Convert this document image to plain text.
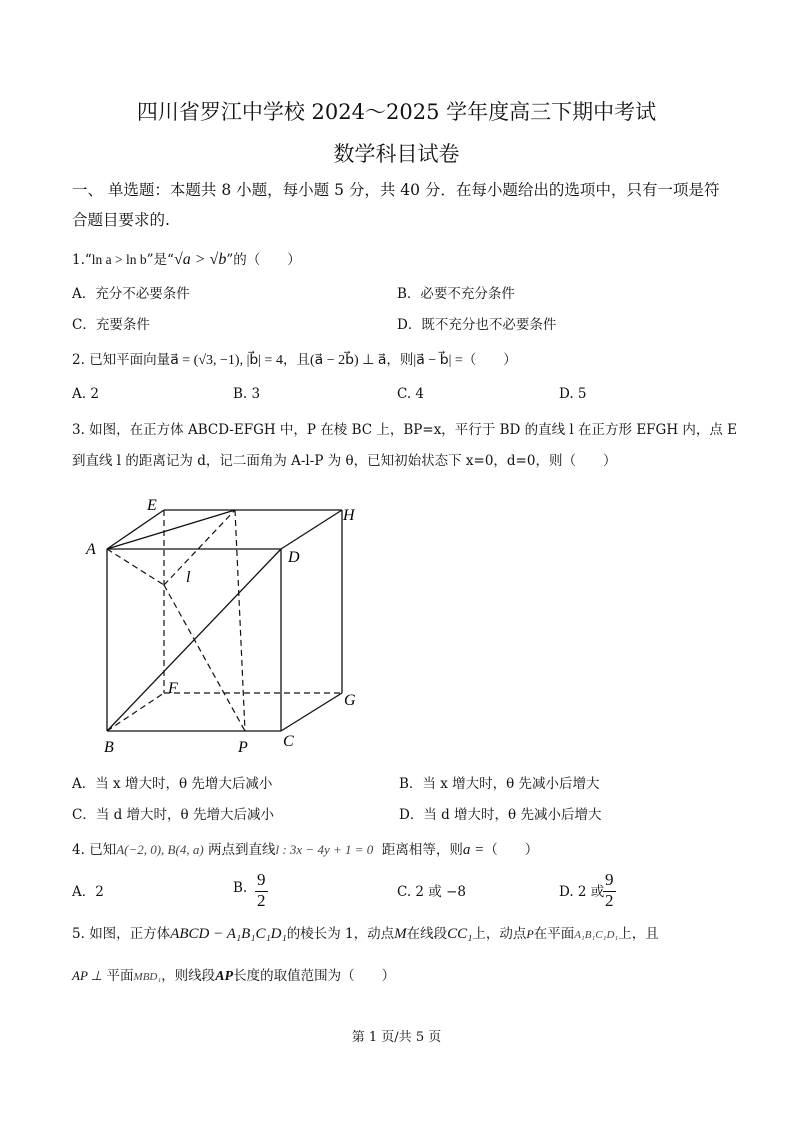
四川省罗江中学校 2024～2025 学年度高三下期中考试
数学科目试卷
一、 单选题：本题共 8 小题，每小题 5 分，共 40 分．在每小题给出的选项中，只有一项是符
合题目要求的.
1.“ln a > ln b”是“√a > √b”的（　　）
A．充分不必要条件	B．必要不充分条件
C．充要条件	D．既不充分也不必要条件
2. 已知平面向量a⃗ = (√3, −1), |b⃗| = 4，且(a⃗ − 2b⃗) ⊥ a⃗，则|a⃗ − b⃗| =（　　）
A. 2	B. 3	C. 4	D. 5
3. 如图，在正方体 ABCD-EFGH 中，P 在棱 BC 上，BP=x，平行于 BD 的直线 l 在正方形 EFGH 内，点 E
到直线 l 的距离记为 d，记二面角为 A-l-P 为 θ，已知初始状态下 x=0，d=0，则（　　）
A
B	C
D
E
F
G
H
P
l
A．当 x 增大时，θ 先增大后减小	B．当 x 增大时，θ 先减小后增大
C．当 d 增大时，θ 先增大后减小	D．当 d 增大时，θ 先减小后增大
4. 已知A(−2, 0), B(4, a) 两点到直线l : 3x − 4y + 1 = 0 距离相等，则a =（　　）
A．2	B. 9
2	C. 2 或 −8	D. 2 或
9
2
5. 如图，正方体ABCD − A₁B₁C₁D₁的棱长为 1，动点M在线段CC₁上，动点P在平面A₁B₁C₁D₁上，且
AP ⊥ 平面MBD₁，则线段AP长度的取值范围为（　　）
第 1 页/共 5 页
